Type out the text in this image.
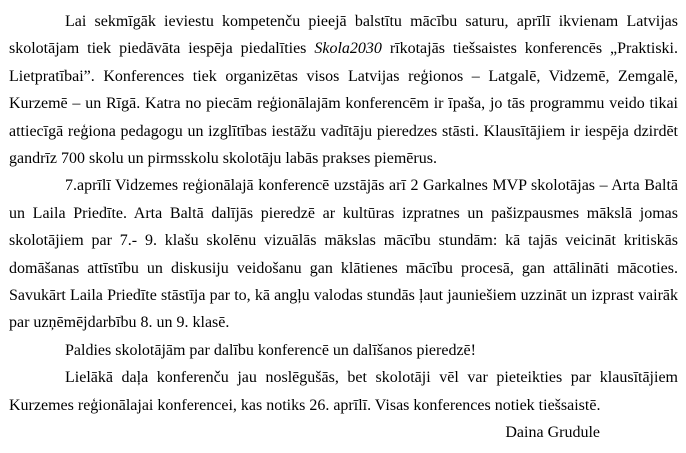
Lai sekmīgāk ieviestu kompetenču pieejā balstītu mācību saturu, aprīlī ikvienam Latvijas skolotājam tiek piedāvāta iespēja piedalīties Skola2030 rīkotajās tiešsaistes konferencēs „Praktiski. Lietpratībai”. Konferences tiek organizētas visos Latvijas reģionos – Latgalē, Vidzemē, Zemgalē, Kurzemē – un Rīgā. Katra no piecām reģionālajām konferencēm ir īpaša, jo tās programmu veido tikai attiecīgā reģiona pedagogu un izglītības iestāžu vadītāju pieredzes stāsti. Klausītājiem ir iespēja dzirdēt gandrīz 700 skolu un pirmsskolu skolotāju labās prakses piemērus.

7.aprīlī Vidzemes reģionālajā konferencē uzstājās arī 2 Garkalnes MVP skolotājas – Arta Baltā un Laila Priedīte. Arta Baltā dalījās pieredzē ar kultūras izpratnes un pašizpausmes mākslā jomas skolotājiem par 7.- 9. klašu skolēnu vizuālās mākslas mācību stundām: kā tajās veicināt kritiskās domāšanas attīstību un diskusiju veidošanu gan klātienes mācību procesā, gan attālināti mācoties. Savukārt Laila Priedīte stāstīja par to, kā angļu valodas stundās ļaut jauniešiem uzzināt un izprast vairāk par uzņēmējdarbību 8. un 9. klasē.

Paldies skolotājām par dalību konferencē un dalīšanos pieredzē!

Lielākā daļa konferenču jau noslēgušās, bet skolotāji vēl var pieteikties par klausītājiem Kurzemes reģionālajai konferencei, kas notiks 26. aprīlī. Visas konferences notiek tiešsaistē.

Daina Grudule
